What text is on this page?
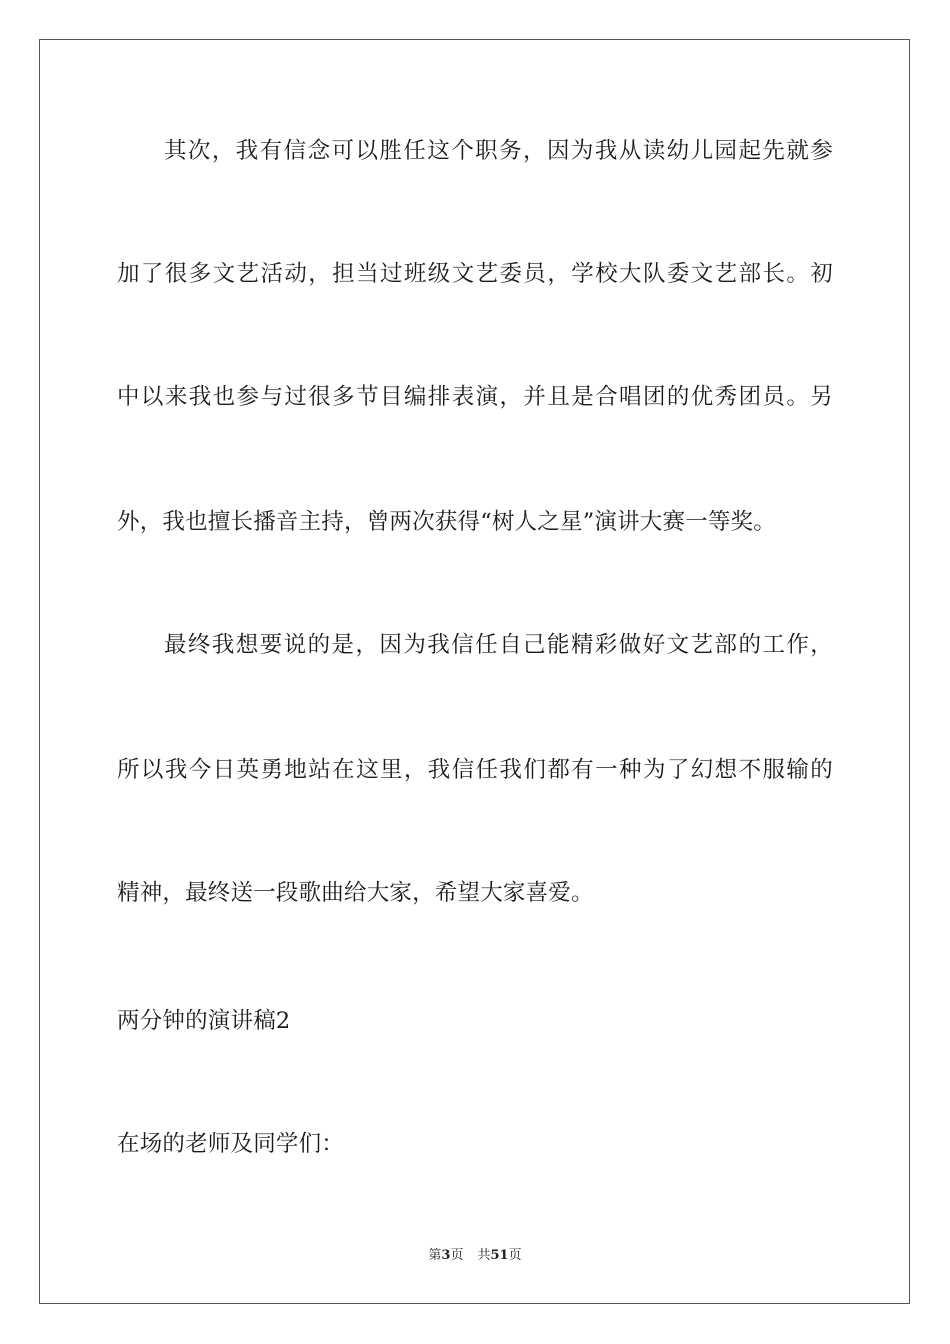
其次，我有信念可以胜任这个职务，因为我从读幼儿园起先就参
加了很多文艺活动，担当过班级文艺委员，学校大队委文艺部长。初
中以来我也参与过很多节目编排表演，并且是合唱团的优秀团员。另
外，我也擅长播音主持，曾两次获得“树人之星”演讲大赛一等奖。
最终我想要说的是，因为我信任自己能精彩做好文艺部的工作，
所以我今日英勇地站在这里，我信任我们都有一种为了幻想不服输的
精神，最终送一段歌曲给大家，希望大家喜爱。
两分钟的演讲稿2
在场的老师及同学们：
第3页 共51页
